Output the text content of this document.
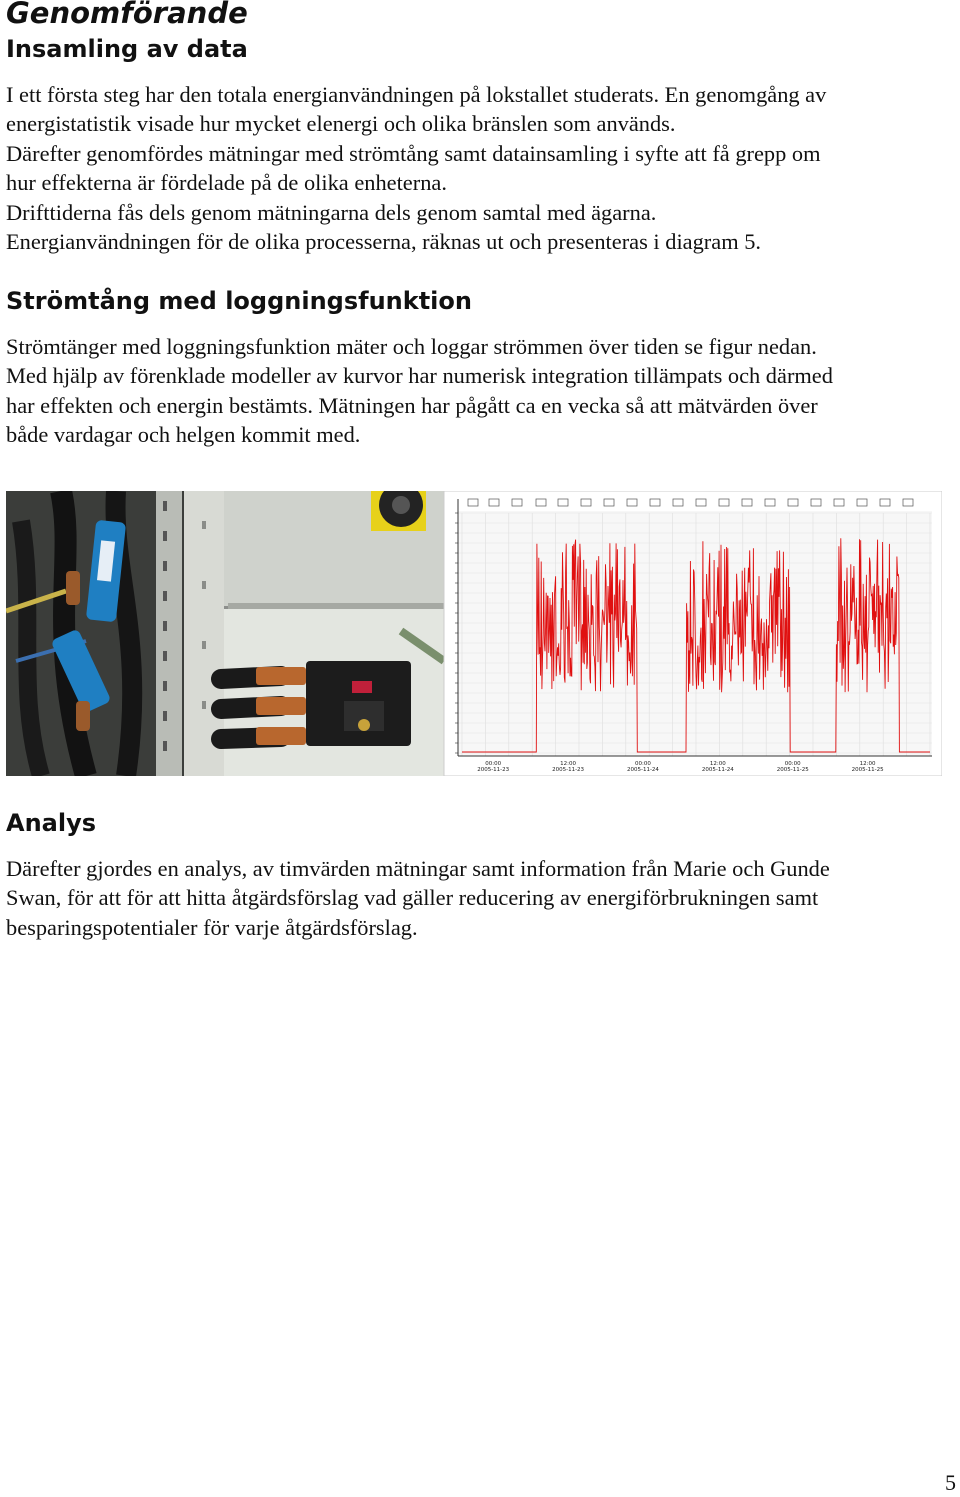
Genomförande
Insamling av data

I ett första steg har den totala energianvändningen på lokstallet studerats. En genomgång av
energistatistik visade hur mycket elenergi och olika bränslen som används.
Därefter genomfördes mätningar med strömtång samt datainsamling i syfte att få grepp om
hur effekterna är fördelade på de olika enheterna.
Drifttiderna fås dels genom mätningarna dels genom samtal med ägarna.
Energianvändningen för de olika processerna, räknas ut och presenteras i diagram 5.

Strömtång med loggningsfunktion

Strömtänger med loggningsfunktion mäter och loggar strömmen över tiden se figur nedan.
Med hjälp av förenklade modeller av kurvor har numerisk integration tillämpats och därmed
har effekten och energin bestämts. Mätningen har pågått ca en vecka så att mätvärden över
både vardagar och helgen kommit med.

00:00
2005-11-23
12:00
2005-11-23
00:00
2005-11-24
12:00
2005-11-24
00:00
2005-11-25
12:00
2005-11-25
Analys

Därefter gjordes en analys, av timvärden mätningar samt information från Marie och Gunde
Swan, för att för att hitta åtgärdsförslag vad gäller reducering av energiförbrukningen samt
besparingspotentialer för varje åtgärdsförslag.

5
